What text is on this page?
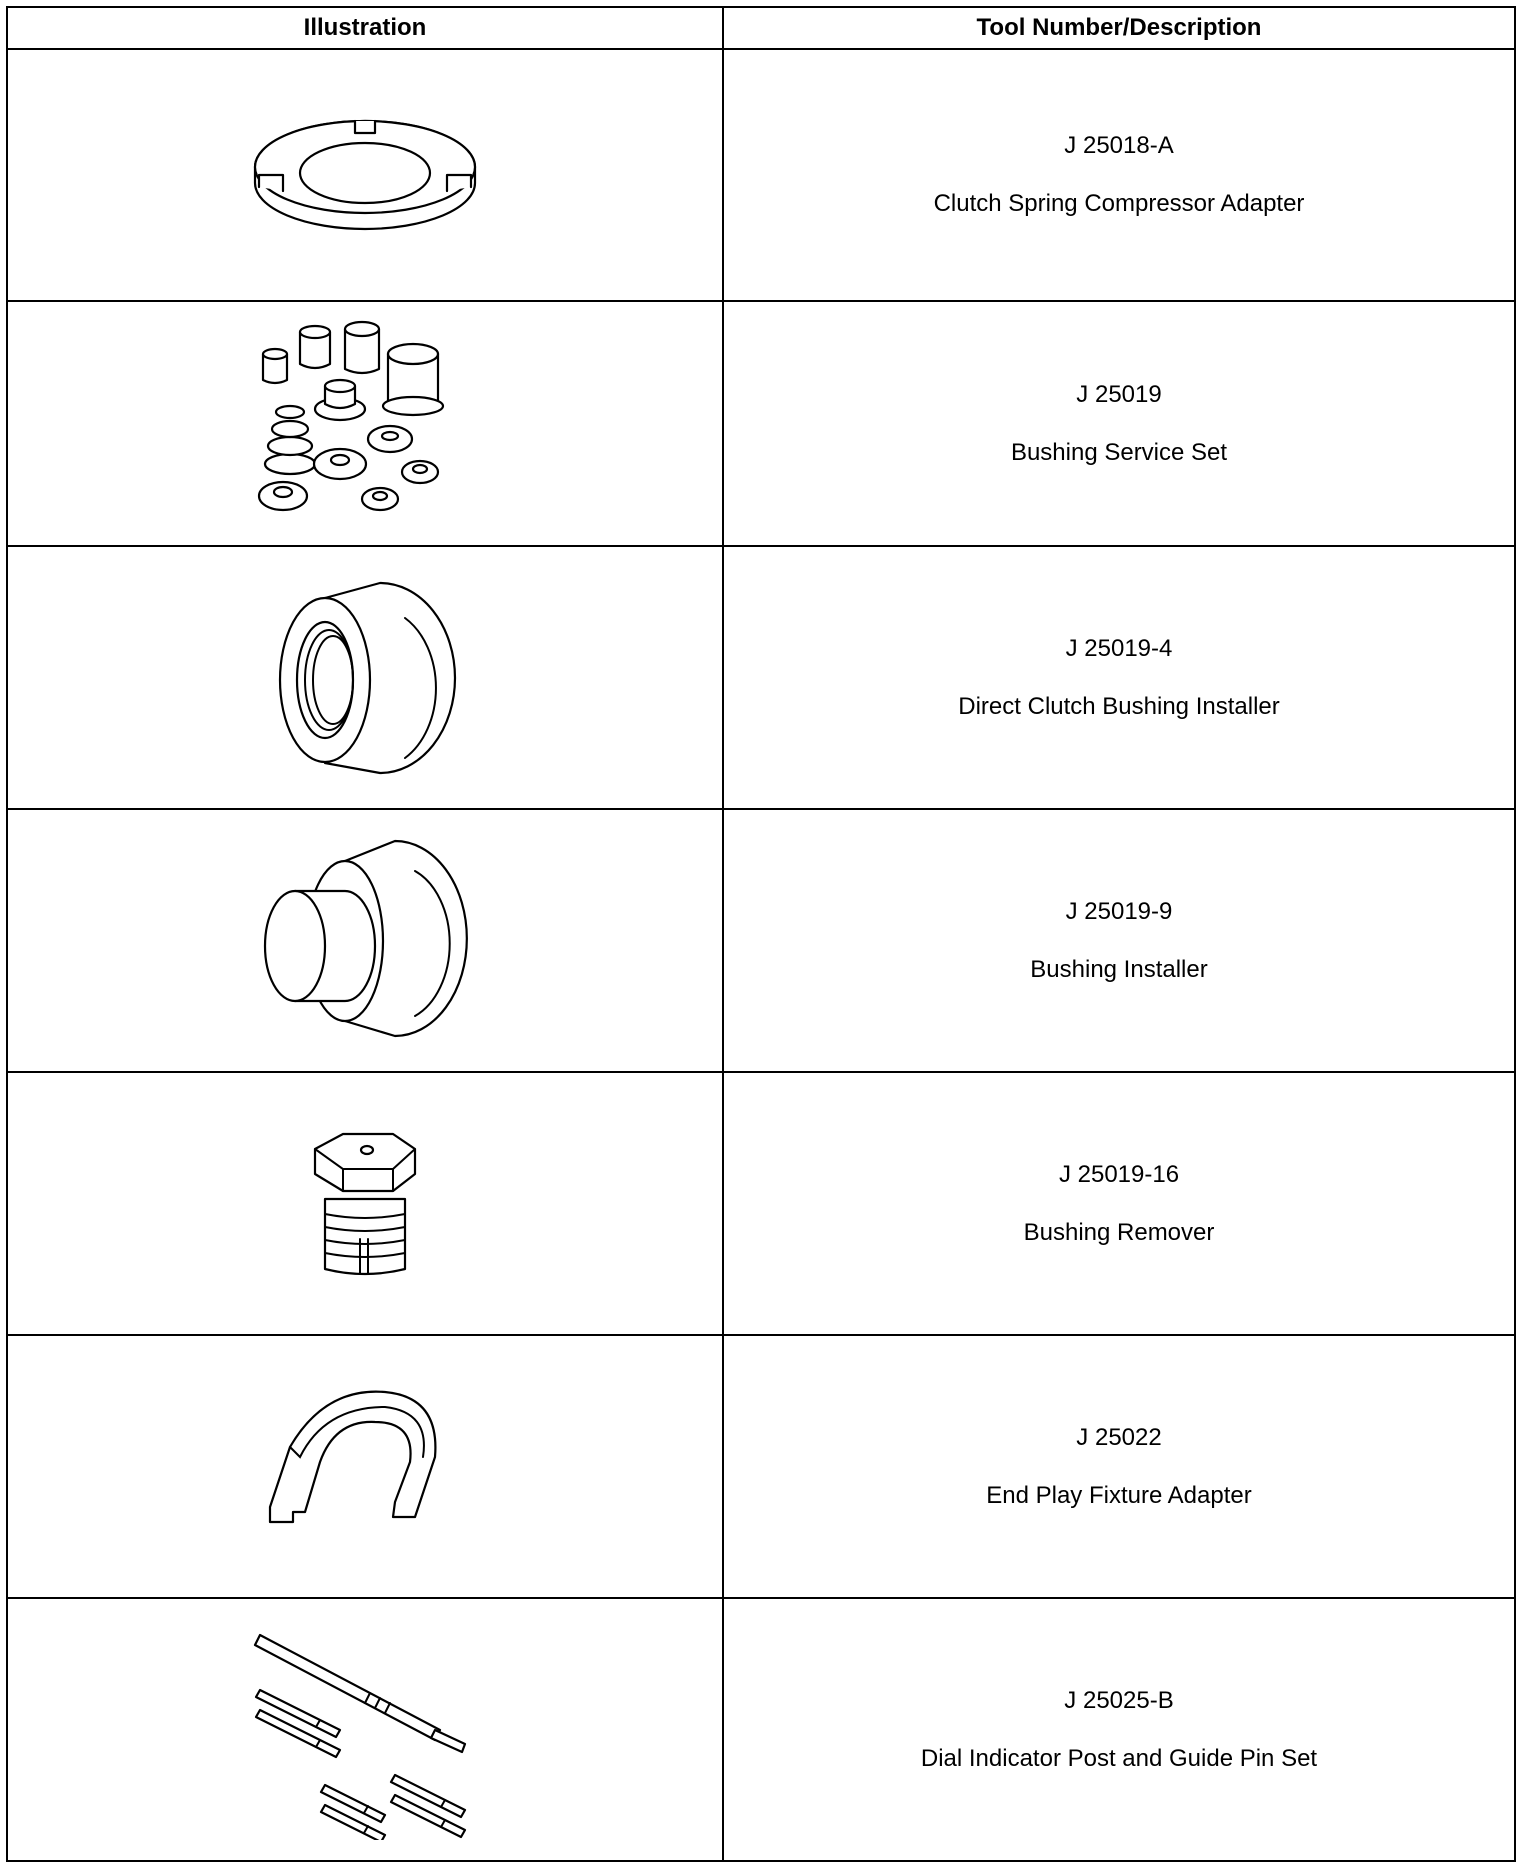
Illustration	Tool Number/Description

J 25018-A
Clutch Spring Compressor Adapter

J 25019
Bushing Service Set

J 25019-4
Direct Clutch Bushing Installer

J 25019-9
Bushing Installer

J 25019-16
Bushing Remover

J 25022
End Play Fixture Adapter

J 25025-B
Dial Indicator Post and Guide Pin Set
